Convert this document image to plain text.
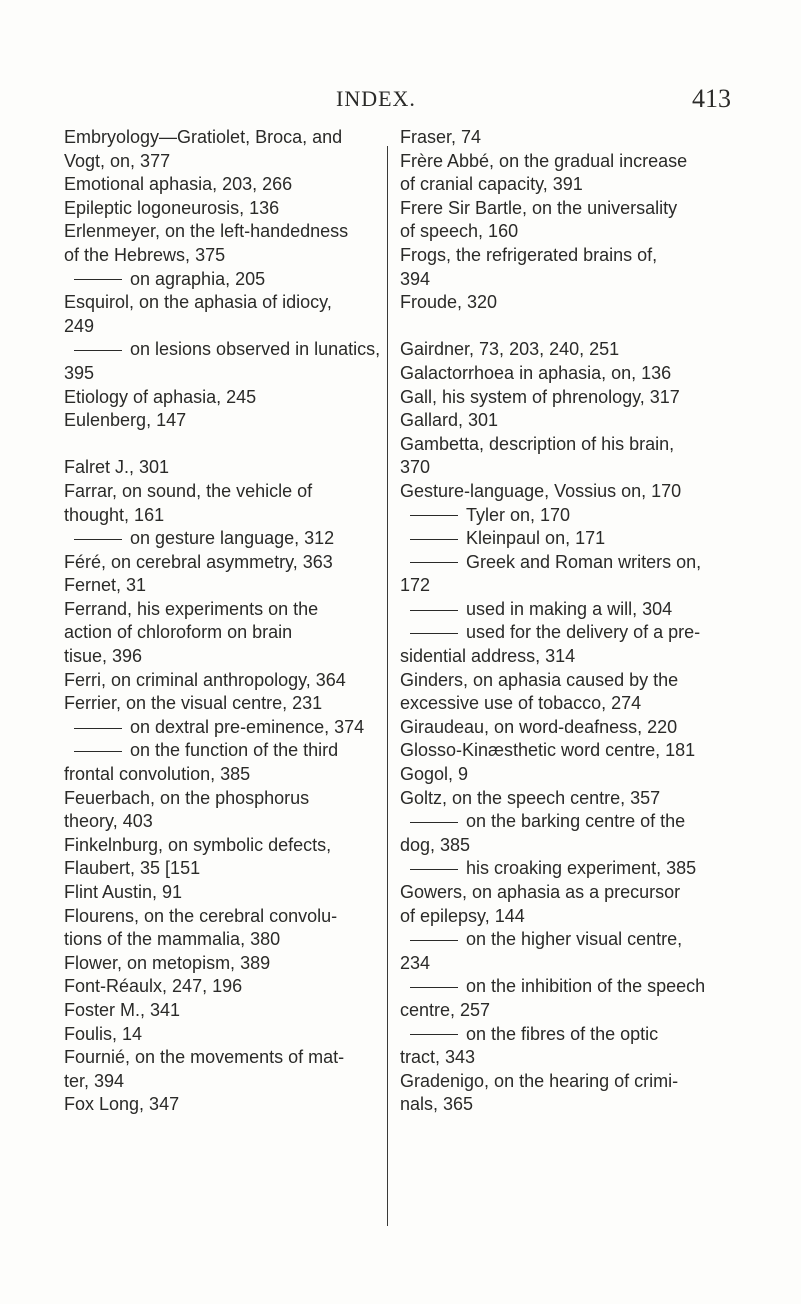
INDEX.	413
Embryology—Gratiolet, Broca, and
Vogt, on, 377
Emotional aphasia, 203, 266
Epileptic logoneurosis, 136
Erlenmeyer, on the left-handedness
of the Hebrews, 375
on agraphia, 205
Esquirol, on the aphasia of idiocy,
249
on lesions observed in lunatics,
395
Etiology of aphasia, 245
Eulenberg, 147
Falret J., 301
Farrar, on sound, the vehicle of
thought, 161
on gesture language, 312
Féré, on cerebral asymmetry, 363
Fernet, 31
Ferrand, his experiments on the
action of chloroform on brain
tisue, 396
Ferri, on criminal anthropology, 364
Ferrier, on the visual centre, 231
on dextral pre-eminence, 374
on the function of the third
frontal convolution, 385
Feuerbach, on the phosphorus
theory, 403
Finkelnburg, on symbolic defects,
Flaubert, 35 [151
Flint Austin, 91
Flourens, on the cerebral convolu-
tions of the mammalia, 380
Flower, on metopism, 389
Font-Réaulx, 247, 196
Foster M., 341
Foulis, 14
Fournié, on the movements of mat-
ter, 394
Fox Long, 347
Fraser, 74
Frère Abbé, on the gradual increase
of cranial capacity, 391
Frere Sir Bartle, on the universality
of speech, 160
Frogs, the refrigerated brains of,
394
Froude, 320
Gairdner, 73, 203, 240, 251
Galactorrhoea in aphasia, on, 136
Gall, his system of phrenology, 317
Gallard, 301
Gambetta, description of his brain,
370
Gesture-language, Vossius on, 170
Tyler on, 170
Kleinpaul on, 171
Greek and Roman writers on,
172
used in making a will, 304
used for the delivery of a pre-
sidential address, 314
Ginders, on aphasia caused by the
excessive use of tobacco, 274
Giraudeau, on word-deafness, 220
Glosso-Kinæsthetic word centre, 181
Gogol, 9
Goltz, on the speech centre, 357
on the barking centre of the
dog, 385
his croaking experiment, 385
Gowers, on aphasia as a precursor
of epilepsy, 144
on the higher visual centre,
234
on the inhibition of the speech
centre, 257
on the fibres of the optic
tract, 343
Gradenigo, on the hearing of crimi-
nals, 365
